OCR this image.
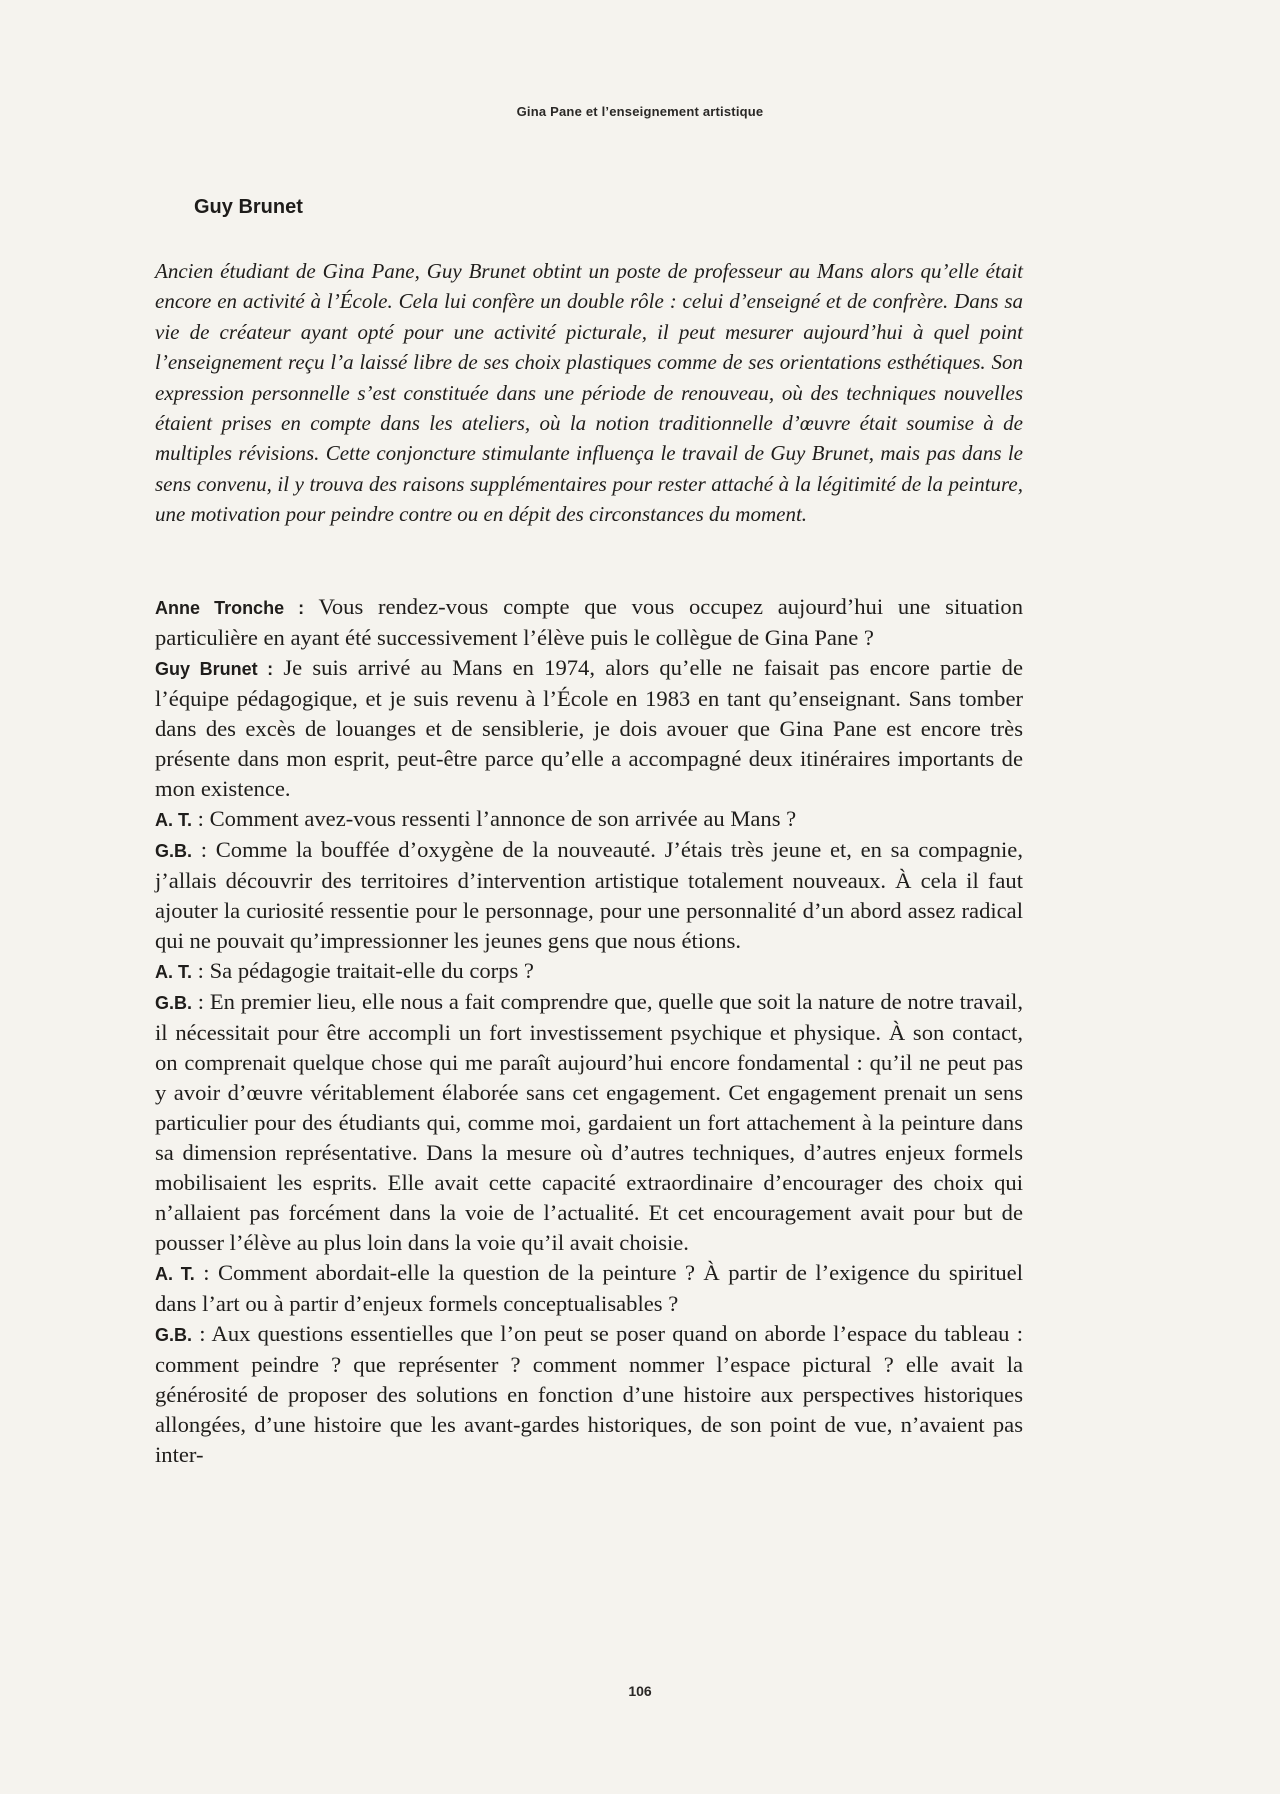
Gina Pane et l’enseignement artistique
Guy Brunet

Ancien étudiant de Gina Pane, Guy Brunet obtint un poste de professeur au Mans alors qu’elle était encore en activité à l’École. Cela lui confère un double rôle : celui d’enseigné et de confrère. Dans sa vie de créateur ayant opté pour une activité picturale, il peut mesurer aujourd’hui à quel point l’enseignement reçu l’a laissé libre de ses choix plastiques comme de ses orientations esthétiques. Son expression personnelle s’est constituée dans une période de renouveau, où des techniques nouvelles étaient prises en compte dans les ateliers, où la notion traditionnelle d’œuvre était soumise à de multiples révisions. Cette conjoncture stimulante influença le travail de Guy Brunet, mais pas dans le sens convenu, il y trouva des raisons supplémentaires pour rester attaché à la légitimité de la peinture, une motivation pour peindre contre ou en dépit des circonstances du moment.

Anne Tronche : Vous rendez-vous compte que vous occupez aujourd’hui une situation particulière en ayant été successivement l’élève puis le collègue de Gina Pane ?

Guy Brunet : Je suis arrivé au Mans en 1974, alors qu’elle ne faisait pas encore partie de l’équipe pédagogique, et je suis revenu à l’École en 1983 en tant qu’enseignant. Sans tomber dans des excès de louanges et de sensiblerie, je dois avouer que Gina Pane est encore très présente dans mon esprit, peut-être parce qu’elle a accompagné deux itinéraires importants de mon existence.

A. T. : Comment avez-vous ressenti l’annonce de son arrivée au Mans ?

G.B. : Comme la bouffée d’oxygène de la nouveauté. J’étais très jeune et, en sa compagnie, j’allais découvrir des territoires d’intervention artistique totalement nouveaux. À cela il faut ajouter la curiosité ressentie pour le personnage, pour une personnalité d’un abord assez radical qui ne pouvait qu’impressionner les jeunes gens que nous étions.

A. T. : Sa pédagogie traitait-elle du corps ?

G.B. : En premier lieu, elle nous a fait comprendre que, quelle que soit la nature de notre travail, il nécessitait pour être accompli un fort investissement psychique et physique. À son contact, on comprenait quelque chose qui me paraît aujourd’hui encore fondamental : qu’il ne peut pas y avoir d’œuvre véritablement élaborée sans cet engagement. Cet engagement prenait un sens particulier pour des étudiants qui, comme moi, gardaient un fort attachement à la peinture dans sa dimension représentative. Dans la mesure où d’autres techniques, d’autres enjeux formels mobilisaient les esprits. Elle avait cette capacité extraordinaire d’encourager des choix qui n’allaient pas forcément dans la voie de l’actualité. Et cet encouragement avait pour but de pousser l’élève au plus loin dans la voie qu’il avait choisie.

A. T. : Comment abordait-elle la question de la peinture ? À partir de l’exigence du spirituel dans l’art ou à partir d’enjeux formels conceptualisables ?

G.B. : Aux questions essentielles que l’on peut se poser quand on aborde l’espace du tableau : comment peindre ? que représenter ? comment nommer l’espace pictural ? elle avait la générosité de proposer des solutions en fonction d’une histoire aux perspectives historiques allongées, d’une histoire que les avant-gardes historiques, de son point de vue, n’avaient pas inter-

106
